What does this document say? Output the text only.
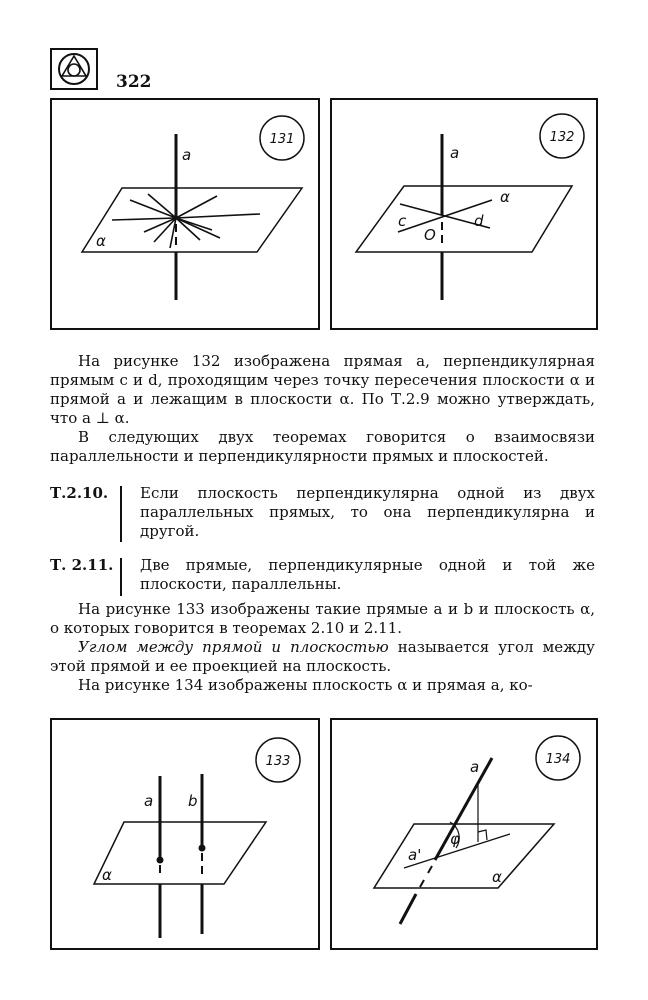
322
131
a
α
132
a
α
c	d
O

На рисунке 132 изображена прямая a, перпендикулярная прямым c и d, проходящим через точку пересечения плоскости α и прямой a и лежащим в плоскости α. По Т.2.9 можно утверждать, что a ⊥ α.

В следующих двух теоремах говорится о взаимосвязи параллельности и перпендикулярности прямых и плоскостей.

Т.2.10. Если плоскость перпендикулярна одной из двух параллельных прямых, то она перпендикулярна и другой.
Т. 2.11. Две прямые, перпендикулярные одной и той же плоскости, параллельны.

На рисунке 133 изображены такие прямые a и b и плоскость α, о которых говорится в теоремах 2.10 и 2.11.

Углом между прямой и плоскостью называется угол между этой прямой и ее проекцией на плоскость.

На рисунке 134 изображены плоскость α и прямая a, ко-

133
a b
α
134
a
a'
φ
α
